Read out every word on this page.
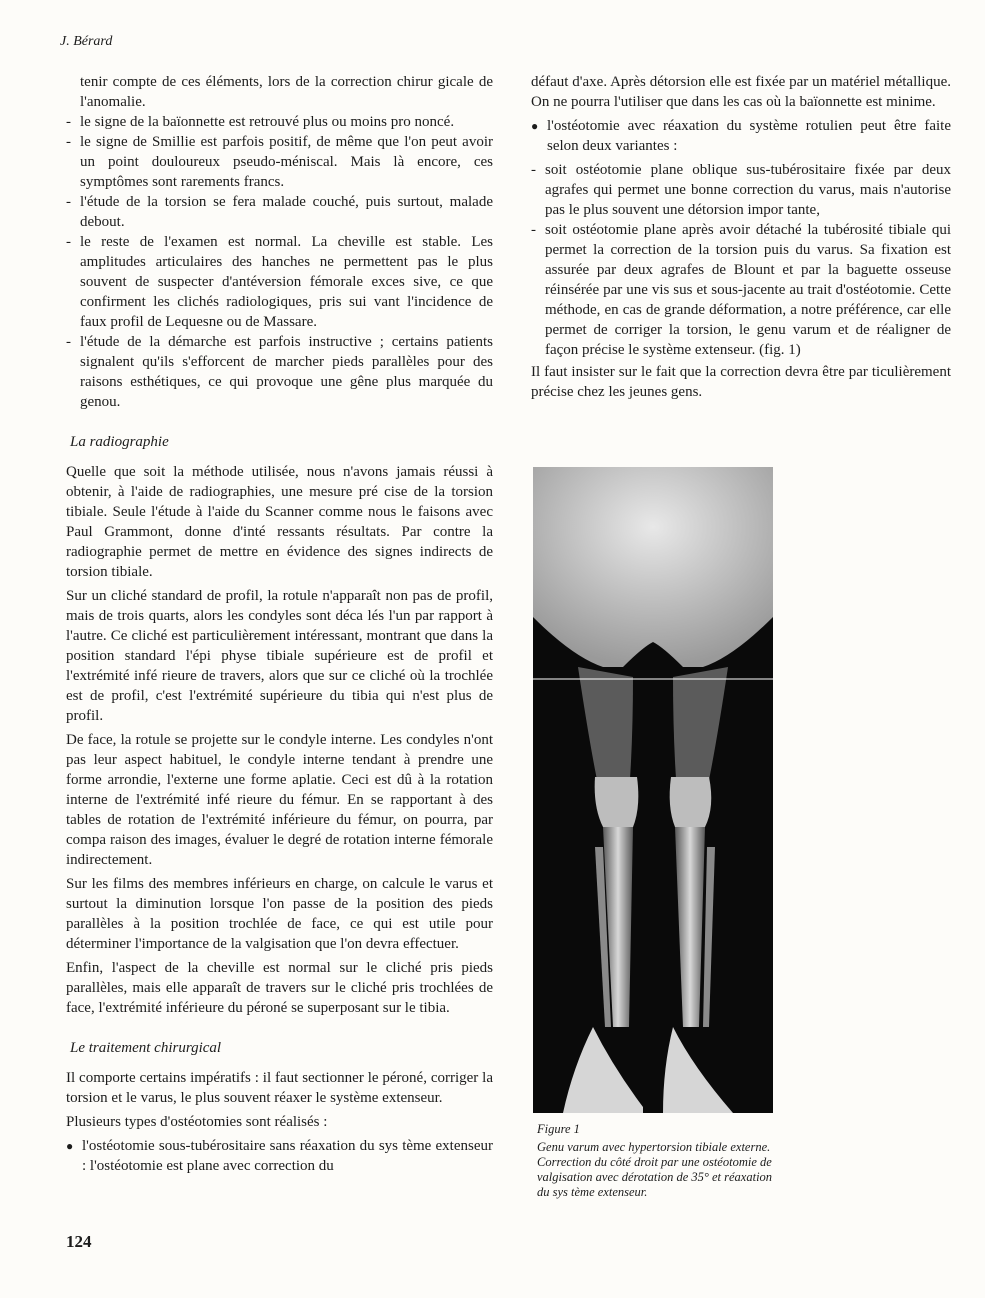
J. Bérard
tenir compte de ces éléments, lors de la correction chirur gicale de l'anomalie.
- le signe de la baïonnette est retrouvé plus ou moins pro noncé.
- le signe de Smillie est parfois positif, de même que l'on peut avoir un point douloureux pseudo-méniscal. Mais là encore, ces symptômes sont rarements francs.
- l'étude de la torsion se fera malade couché, puis surtout, malade debout.
- le reste de l'examen est normal. La cheville est stable. Les amplitudes articulaires des hanches ne permettent pas le plus souvent de suspecter d'antéversion fémorale exces sive, ce que confirment les clichés radiologiques, pris sui vant l'incidence de faux profil de Lequesne ou de Massare.
- l'étude de la démarche est parfois instructive ; certains patients signalent qu'ils s'efforcent de marcher pieds parallèles pour des raisons esthétiques, ce qui provoque une gêne plus marquée du genou.

La radiographie

Quelle que soit la méthode utilisée, nous n'avons jamais réussi à obtenir, à l'aide de radiographies, une mesure pré cise de la torsion tibiale. Seule l'étude à l'aide du Scanner comme nous le faisons avec Paul Grammont, donne d'inté ressants résultats. Par contre la radiographie permet de mettre en évidence des signes indirects de torsion tibiale.

Sur un cliché standard de profil, la rotule n'apparaît non pas de profil, mais de trois quarts, alors les condyles sont déca lés l'un par rapport à l'autre. Ce cliché est particulièrement intéressant, montrant que dans la position standard l'épi physe tibiale supérieure est de profil et l'extrémité infé rieure de travers, alors que sur ce cliché où la trochlée est de profil, c'est l'extrémité supérieure du tibia qui n'est plus de profil.

De face, la rotule se projette sur le condyle interne. Les condyles n'ont pas leur aspect habituel, le condyle interne tendant à prendre une forme arrondie, l'externe une forme aplatie. Ceci est dû à la rotation interne de l'extrémité infé rieure du fémur. En se rapportant à des tables de rotation de l'extrémité inférieure du fémur, on pourra, par compa raison des images, évaluer le degré de rotation interne fémorale indirectement.

Sur les films des membres inférieurs en charge, on calcule le varus et surtout la diminution lorsque l'on passe de la position des pieds parallèles à la position trochlée de face, ce qui est utile pour déterminer l'importance de la valgisation que l'on devra effectuer.

Enfin, l'aspect de la cheville est normal sur le cliché pris pieds parallèles, mais elle apparaît de travers sur le cliché pris trochlées de face, l'extrémité inférieure du péroné se superposant sur le tibia.

Le traitement chirurgical

Il comporte certains impératifs : il faut sectionner le péroné, corriger la torsion et le varus, le plus souvent réaxer le système extenseur.

Plusieurs types d'ostéotomies sont réalisés :

● l'ostéotomie sous-tubérositaire sans réaxation du sys tème extenseur : l'ostéotomie est plane avec correction du

défaut d'axe. Après détorsion elle est fixée par un matériel métallique. On ne pourra l'utiliser que dans les cas où la baïonnette est minime.

● l'ostéotomie avec réaxation du système rotulien peut être faite selon deux variantes :

- soit ostéotomie plane oblique sus-tubérositaire fixée par deux agrafes qui permet une bonne correction du varus, mais n'autorise pas le plus souvent une détorsion impor tante,
- soit ostéotomie plane après avoir détaché la tubérosité tibiale qui permet la correction de la torsion puis du varus. Sa fixation est assurée par deux agrafes de Blount et par la baguette osseuse réinsérée par une vis sus et sous-jacente au trait d'ostéotomie. Cette méthode, en cas de grande déformation, a notre préférence, car elle permet de corriger la torsion, le genu varum et de réaligner de façon précise le système extenseur. (fig. 1)

Il faut insister sur le fait que la correction devra être par ticulièrement précise chez les jeunes gens.

Figure 1

Genu varum avec hypertorsion tibiale externe. Correction du côté droit par une ostéotomie de valgisation avec dérotation de 35° et réaxation du sys tème extenseur.

124
